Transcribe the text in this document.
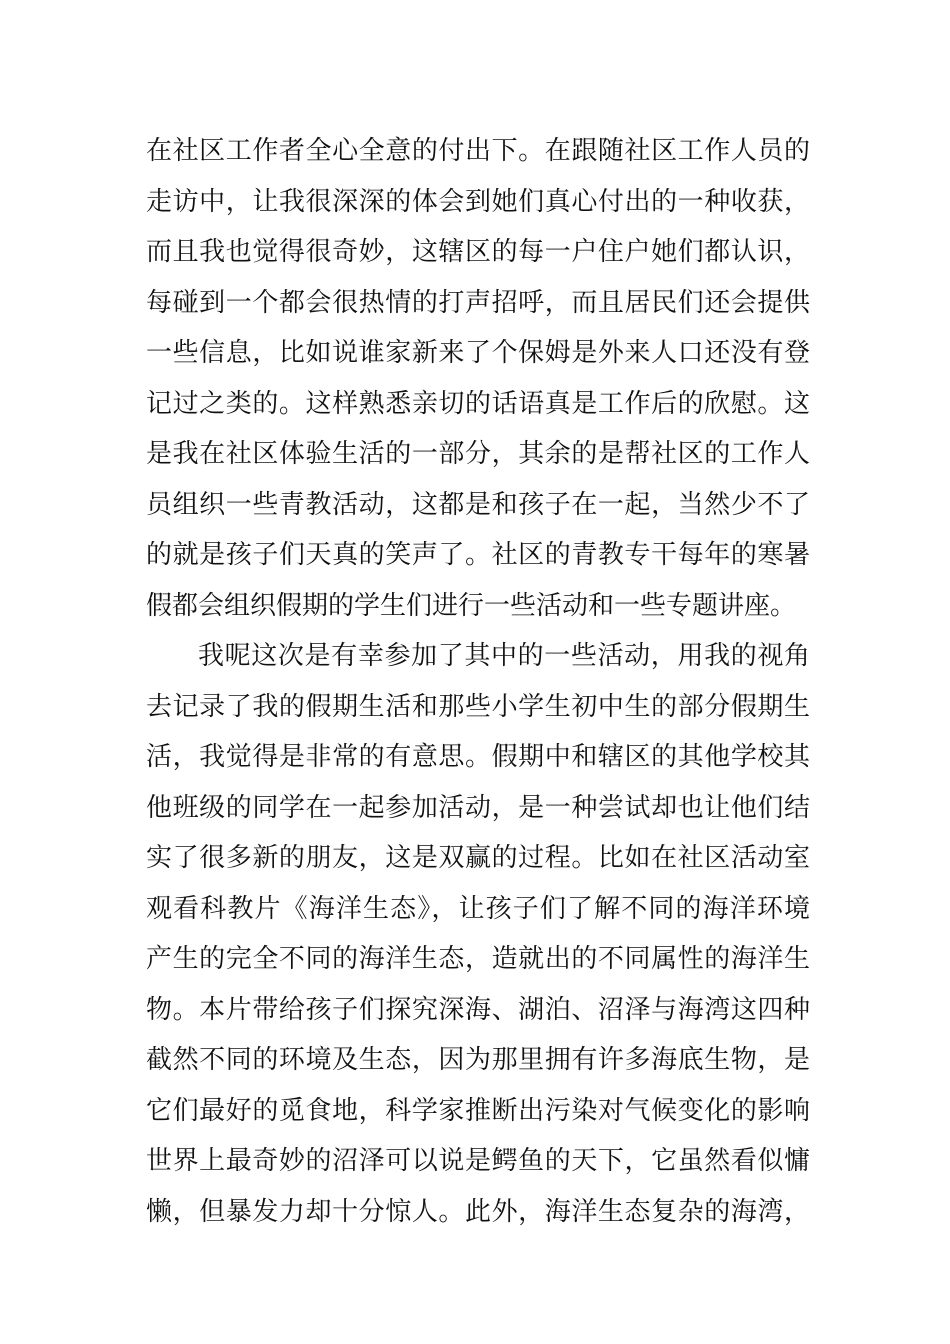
在社区工作者全心全意的付出下。在跟随社区工作人员的
走访中，让我很深深的体会到她们真心付出的一种收获，
而且我也觉得很奇妙，这辖区的每一户住户她们都认识，
每碰到一个都会很热情的打声招呼，而且居民们还会提供
一些信息，比如说谁家新来了个保姆是外来人口还没有登
记过之类的。这样熟悉亲切的话语真是工作后的欣慰。这
是我在社区体验生活的一部分，其余的是帮社区的工作人
员组织一些青教活动，这都是和孩子在一起，当然少不了
的就是孩子们天真的笑声了。社区的青教专干每年的寒暑
假都会组织假期的学生们进行一些活动和一些专题讲座。
我呢这次是有幸参加了其中的一些活动，用我的视角
去记录了我的假期生活和那些小学生初中生的部分假期生
活，我觉得是非常的有意思。假期中和辖区的其他学校其
他班级的同学在一起参加活动，是一种尝试却也让他们结
实了很多新的朋友，这是双赢的过程。比如在社区活动室
观看科教片《海洋生态》，让孩子们了解不同的海洋环境
产生的完全不同的海洋生态，造就出的不同属性的海洋生
物。本片带给孩子们探究深海、湖泊、沼泽与海湾这四种
截然不同的环境及生态，因为那里拥有许多海底生物，是
它们最好的觅食地，科学家推断出污染对气候变化的影响
世界上最奇妙的沼泽可以说是鳄鱼的天下，它虽然看似慵
懒，但暴发力却十分惊人。此外，海洋生态复杂的海湾，
